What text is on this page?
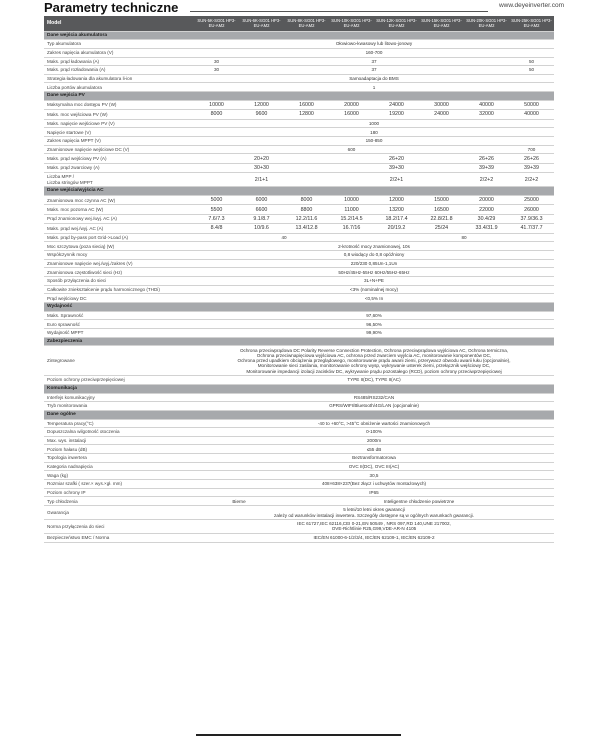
Parametry techniczne	www.deyeinverter.com
Model	SUN-5K-SG01 HP3-EU-AM2	SUN-6K-SG01 HP3-EU-AM2	SUN-8K-SG01 HP3-EU-AM2	SUN-10K-SG01 HP3-EU-AM2	SUN-12K-SG01 HP3-EU-AM2	SUN-15K-SG01 HP3-EU-AM2	SUN-20K-SG01 HP3-EU-AM2	SUN-25K-SG01 HP3-EU-AM2
Dane wejścia akumulatora								
Typ akumulatora	Ołowiowo-kwasowy lub litowo-jonowy							
Zakres napięcia akumulatora (V)	160-700							
Maks. prąd ładowania (A)	30	37						50
Maks. prąd rozładowania (A)	30	37						50
Strategia ładowania dla akumulatora li-ion	Samoadaptacja do BMS							
Liczba portów akumulatora	1							
Dane wejścia PV								
Maksymalna moc dostępu PV (W)	10000	12000	16000	20000	24000	30000	40000	50000
Maks. moc wejściowa PV (W)	8000	9600	12800	16000	19200	24000	32000	40000
Maks. napięcie wejściowe PV (V)	1000							
Napięcie startowe (V)	180							
Zakres napięcia MPPT (V)	150-850							
Znamionowe napięcie wejściowe DC (V)	600							700
Maks. prąd wejściowy PV (A)	20+20			26+20			26+26	26+26
Maks. prąd zwarciowy (A)	30+30			39+30			39+39	39+39
Liczba MPP /
Liczba stringów MPPT	2/1+1			2/2+1			2/2+2	2/2+2
Dane wejścia/wyjścia AC								
Znamionowa moc czynna AC (W)	5000	6000	8000	10000	12000	15000	20000	25000
Maks. moc pozorna AC (W)	5500	6600	8800	11000	13200	16500	22000	26000
Prąd znamionowy wej./wyj. AC (A)	7.6/7.3	9.1/8.7	12.2/11.6	15.2/14.5	18.2/17.4	22.8/21.8	30.4/29	37.9/36.3
Maks. prąd wej./wyj. AC (A)	8.4/8	10/9.6	13.4/12.8	16.7/16	20/19.2	25/24	33.4/31.9	41.7/37.7
Maks. prąd by-pass port Grid->Load (A)	40				80			
Moc szczytowa (poza siecią) (W)	2-krotność mocy znamionowej, 10s							
Współczynnik mocy	0,8 wiodący do 0,8 opóźniony							
Znamionowe napięcie wej./wyj./zakres (V)	220/230 0,85Un-1,1Un							
Znamionowa częstotliwość sieci (Hz)	50Hz/45Hz-55Hz 60Hz/55Hz-65Hz							
Sposób przyłączenia do sieci	3L+N+PE							
Całkowite zniekształcenie prądu harmonicznego (THDi)	<3% (nominalnej mocy)							
Prąd wejściowy DC	<0,5% In							
Wydajność								
Maks. Sprawność	97,60%							
Euro sprawność	96,50%							
Wydajność MPPT	99,90%							
Zabezpieczenia								
Zintegrowane	Ochrona przeciwprądowa DC Polarity Reverse Connection Protection, Ochrona przeciwprądowa wyjściowa AC, Ochrona termiczna,
Ochrona przeciwnapięciowa wyjściowa AC, ochrona przed zwarciem wyjścia AC, monitorowanie komponentów DC,
Ochrona przed upadkiem obciążenia przeglądowego, monitorowanie prądu awarii ziemi, przerywacz obwodu awarii łuku (opcjonalnie),
Monitorowanie sieci zasilania, monitorowanie ochrony wysp, wykrywanie usterek ziemi, przełącznik wejściowy DC,
Monitorowanie impedancji izolacji zacisków DC, wykrywanie prądu pozostałego (RCD), poziom ochrony przeciwprzepięciowej							

Poziom ochrony przeciwprzepięciowej	TYPE II(DC), TYPE II(AC)							
Komunikacja								
Interfejs komunikacyjny	RS485/RS232/CAN							
Tryb monitorowania	GPRS/WIFI/Bluetooth/4G/LAN (opcjonalnie)							
Dane ogólne								
Temperatura pracy(°C)	-40 to +60°C, >45°C obniżenie wartości znamionowych							
Dopuszczalna wilgotność otoczenia	0-100%							
Max. wys. instalacji	2000m							
Poziom hałasu (dB)	≤55 dB							
Topologia inwertera	Beztransformatorowa							
Kategoria nadnapięcia	OVC II(DC), OVC III(AC)							
Waga (kg)	30,5							
Rozmiar szafki ( szer.× wys.×gł. mm)	408×638×237(Bez złącz i uchwytów montażowych)							
Poziom ochrony IP	IP65							
Typ chłodzenia	Bierne		Inteligentne chłodzenie powietrzne					
Gwarancja	5 letni/10 letni okres gwarancji
zależy od warunków instalacji inwertera. Szczegóły dostępne są w ogólnych warunkach gwarancji.							

Norma przyłączenia do sieci	IEC 61727,IEC 62116,CEI 0-21,EN 50549 , NRS 097,RD 140,UNE 217002,
OVE-Richtlinie R25,G99,VDE-AR-N 4105							

Bezpieczeństwo EMC / Norma	IEC/EN 61000-6-1/2/3/4, IEC/EN 62109-1, IEC/EN 62109-2							
